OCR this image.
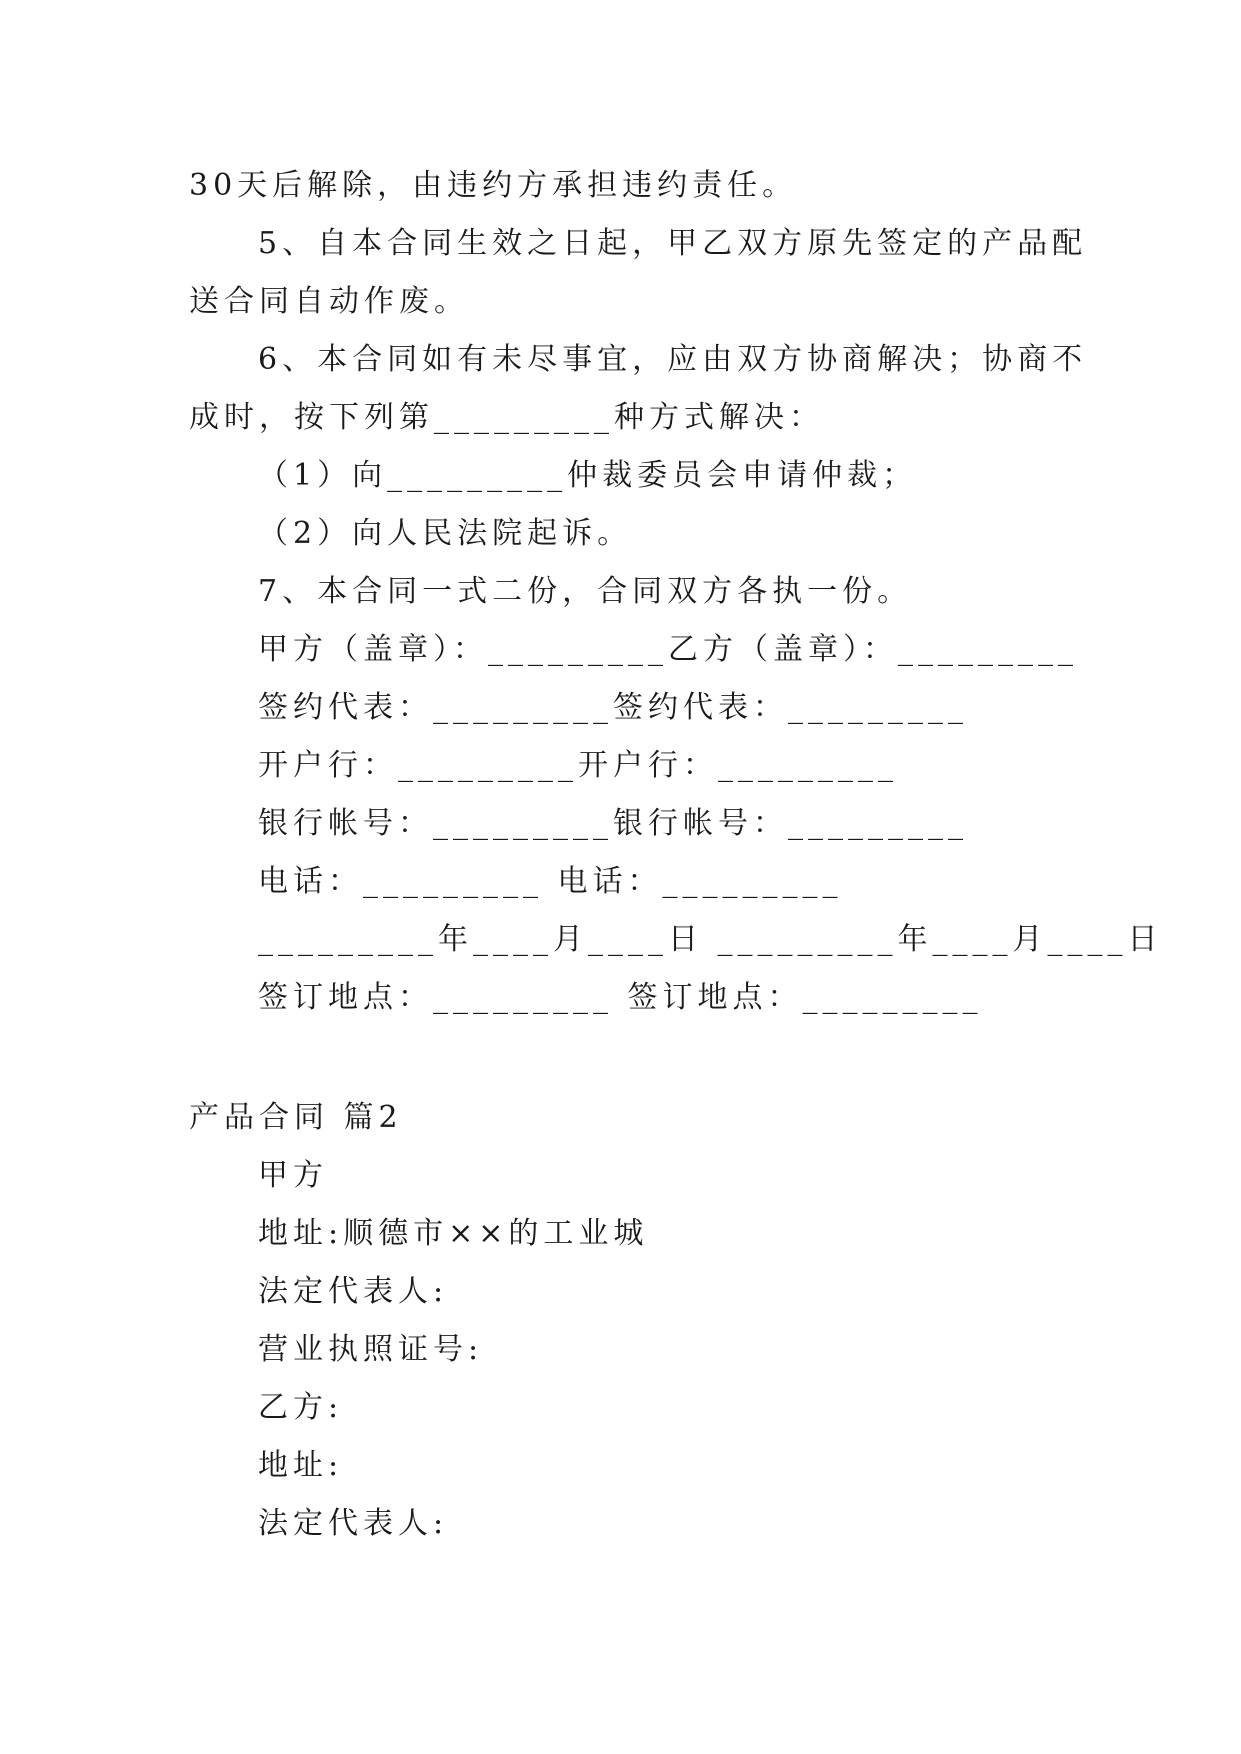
30天后解除，由违约方承担违约责任。
5、自本合同生效之日起，甲乙双方原先签定的产品配
送合同自动作废。
6、本合同如有未尽事宜，应由双方协商解决；协商不
成时，按下列第_________种方式解决：
（1）向_________仲裁委员会申请仲裁；
（2）向人民法院起诉。
7、本合同一式二份，合同双方各执一份。
甲方（盖章）：_________乙方（盖章）：_________
签约代表：_________签约代表：_________
开户行：_________开户行：_________
银行帐号：_________银行帐号：_________
电话：_________ 电话：_________
_________年____月____日 _________年____月____日
签订地点：_________ 签订地点：_________
产品合同 篇2
甲方
地址:顺德市××的工业城
法定代表人:
营业执照证号:
乙方:
地址:
法定代表人:
